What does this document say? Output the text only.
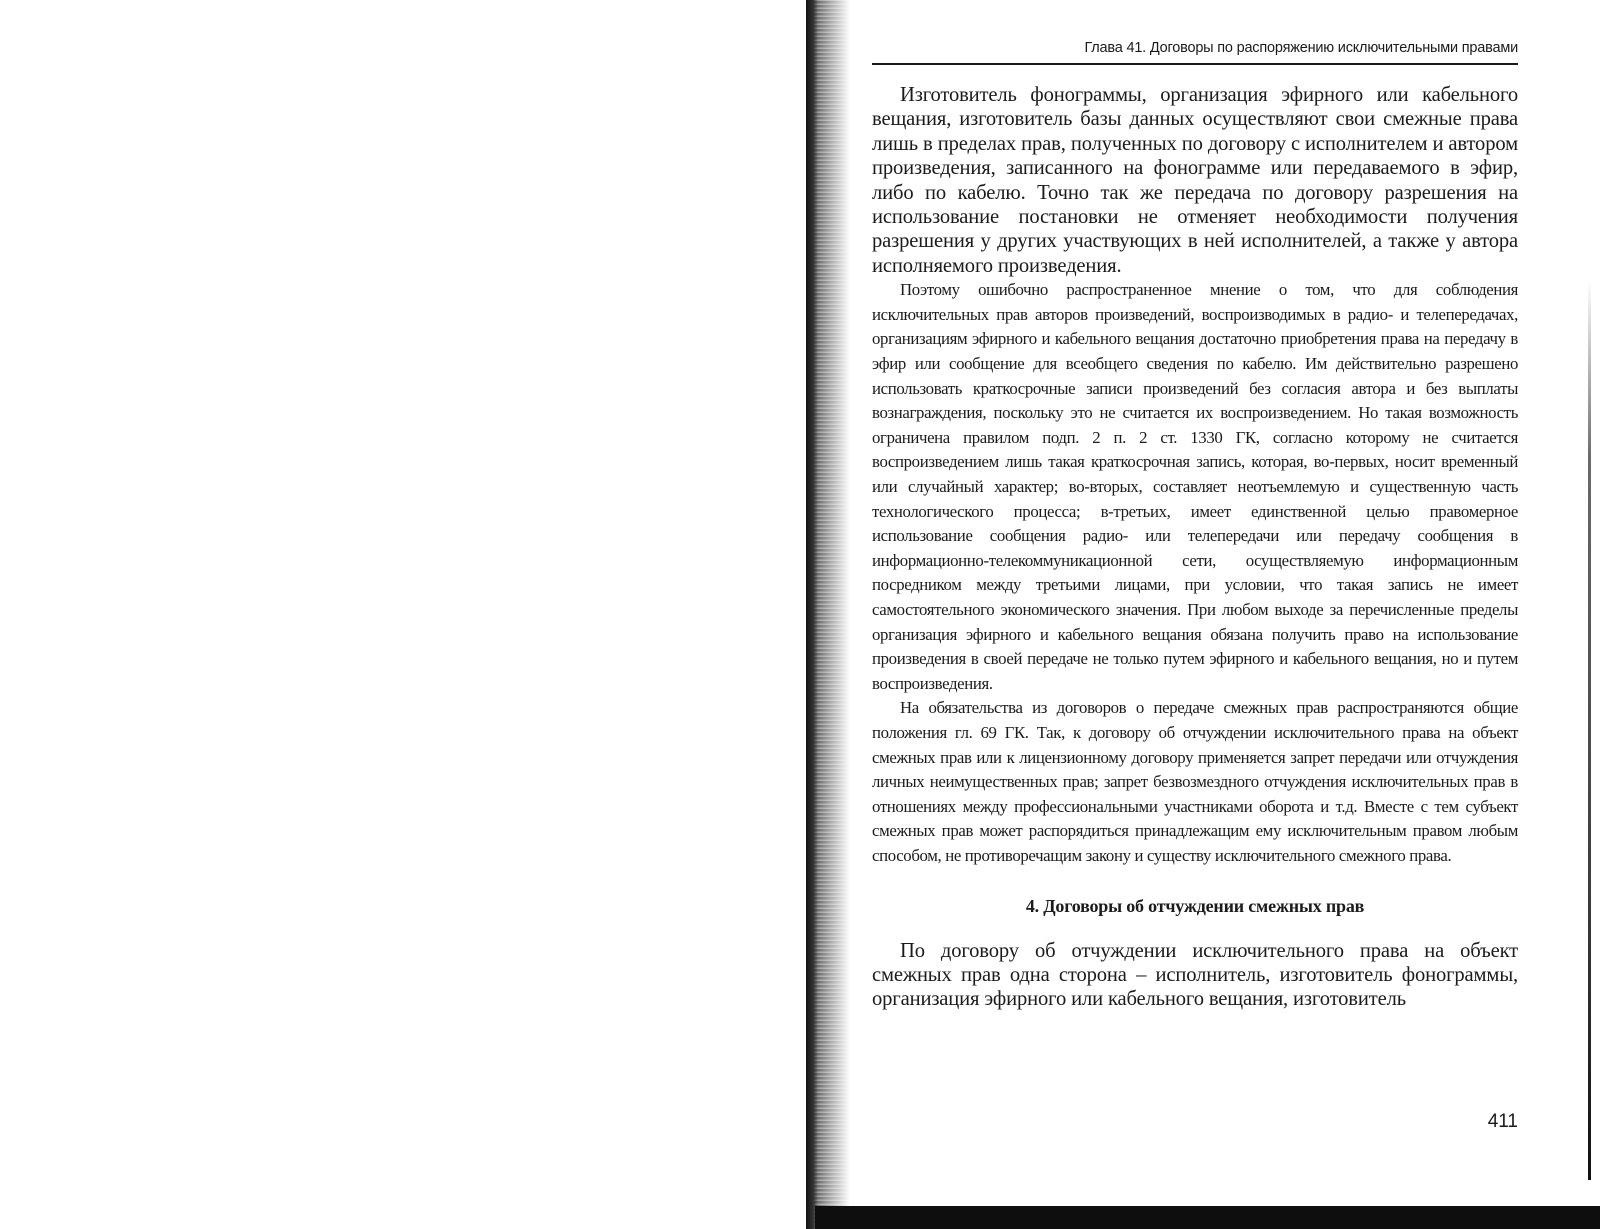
Глава 41. Договоры по распоряжению исключительными правами

Изготовитель фонограммы, организация эфирного или кабельного вещания, изготовитель базы данных осуществляют свои смежные права лишь в пределах прав, полученных по договору с исполнителем и автором произведения, записанного на фонограмме или передаваемого в эфир, либо по кабелю. Точно так же передача по договору разрешения на использование постановки не отменяет необходимости получения разрешения у других участвующих в ней исполнителей, а также у автора исполняемого произведения.

Поэтому ошибочно распространенное мнение о том, что для соблюдения исключительных прав авторов произведений, воспроизводимых в радио- и телепередачах, организациям эфирного и кабельного вещания достаточно приобретения права на передачу в эфир или сообщение для всеобщего сведения по кабелю. Им действительно разрешено использовать краткосрочные записи произведений без согласия автора и без выплаты вознаграждения, поскольку это не считается их воспроизведением. Но такая возможность ограничена правилом подп. 2 п. 2 ст. 1330 ГК, согласно которому не считается воспроизведением лишь такая краткосрочная запись, которая, во-первых, носит временный или случайный характер; во-вторых, составляет неотъемлемую и существенную часть технологического процесса; в-третьих, имеет единственной целью правомерное использование сообщения радио- или телепередачи или передачу сообщения в информационно-телекоммуникационной сети, осуществляемую информационным посредником между третьими лицами, при условии, что такая запись не имеет самостоятельного экономического значения. При любом выходе за перечисленные пределы организация эфирного и кабельного вещания обязана получить право на использование произведения в своей передаче не только путем эфирного и кабельного вещания, но и путем воспроизведения.

На обязательства из договоров о передаче смежных прав распространяются общие положения гл. 69 ГК. Так, к договору об отчуждении исключительного права на объект смежных прав или к лицензионному договору применяется запрет передачи или отчуждения личных неимущественных прав; запрет безвозмездного отчуждения исключительных прав в отношениях между профессиональными участниками оборота и т.д. Вместе с тем субъект смежных прав может распорядиться принадлежащим ему исключительным правом любым способом, не противоречащим закону и существу исключительного смежного права.

4. Договоры об отчуждении смежных прав

По договору об отчуждении исключительного права на объект смежных прав одна сторона – исполнитель, изготовитель фонограммы, организация эфирного или кабельного вещания, изготовитель

411
